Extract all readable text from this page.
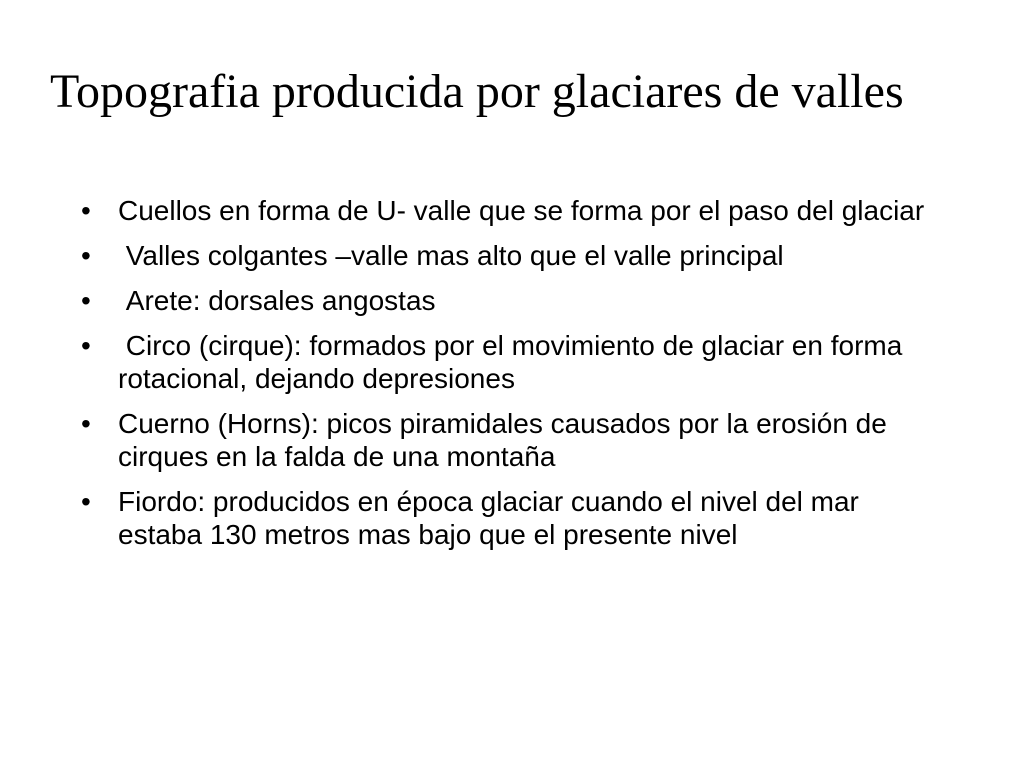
Topografia producida por glaciares de valles
• Cuellos en forma de U- valle que se forma por el paso del glaciar
• Valles colgantes –valle mas alto que el valle principal
• Arete: dorsales angostas
• Circo (cirque): formados por el movimiento de glaciar en forma rotacional, dejando depresiones
• Cuerno (Horns): picos piramidales causados por la erosión de cirques en la falda de una montaña
• Fiordo: producidos en época glaciar cuando el nivel del mar estaba 130 metros mas bajo que el presente nivel
